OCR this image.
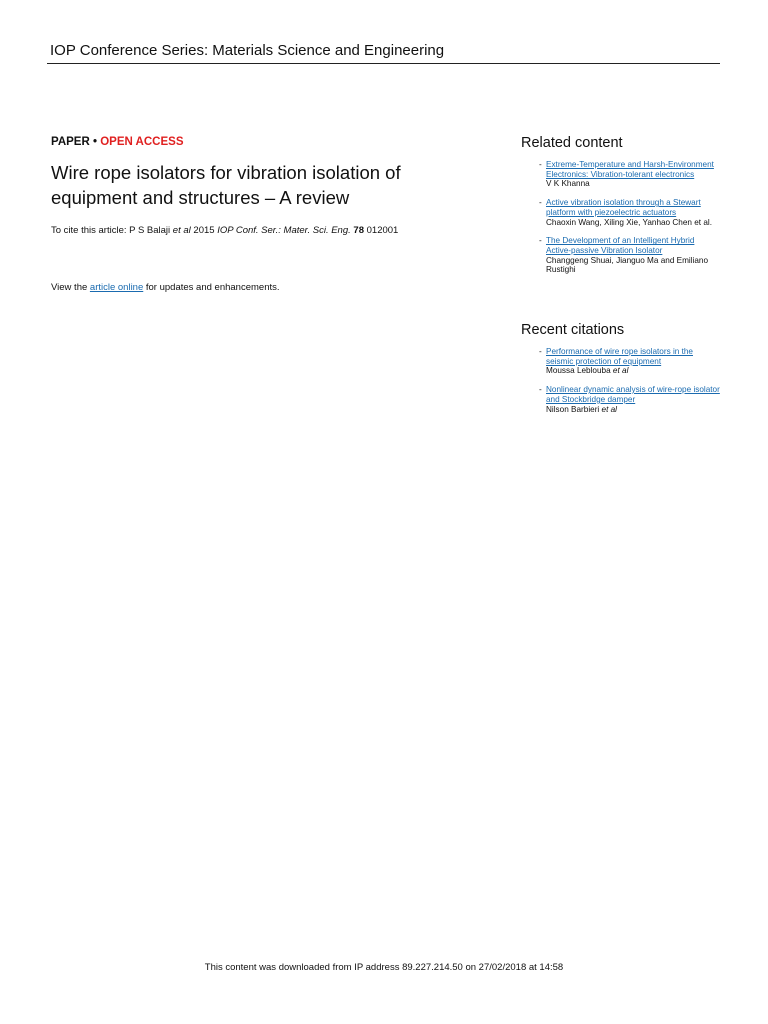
IOP Conference Series: Materials Science and Engineering
PAPER • OPEN ACCESS
Wire rope isolators for vibration isolation of equipment and structures – A review
To cite this article: P S Balaji et al 2015 IOP Conf. Ser.: Mater. Sci. Eng. 78 012001
View the article online for updates and enhancements.
Related content
- Extreme-Temperature and Harsh-Environment Electronics: Vibration-tolerant electronics
V K Khanna
- Active vibration isolation through a Stewart platform with piezoelectric actuators
Chaoxin Wang, Xiling Xie, Yanhao Chen et al.
- The Development of an Intelligent Hybrid Active-passive Vibration Isolator
Changgeng Shuai, Jianguo Ma and Emiliano Rustighi
Recent citations
- Performance of wire rope isolators in the seismic protection of equipment
Moussa Leblouba et al
- Nonlinear dynamic analysis of wire-rope isolator and Stockbridge damper
Nilson Barbieri et al
This content was downloaded from IP address 89.227.214.50 on 27/02/2018 at 14:58
